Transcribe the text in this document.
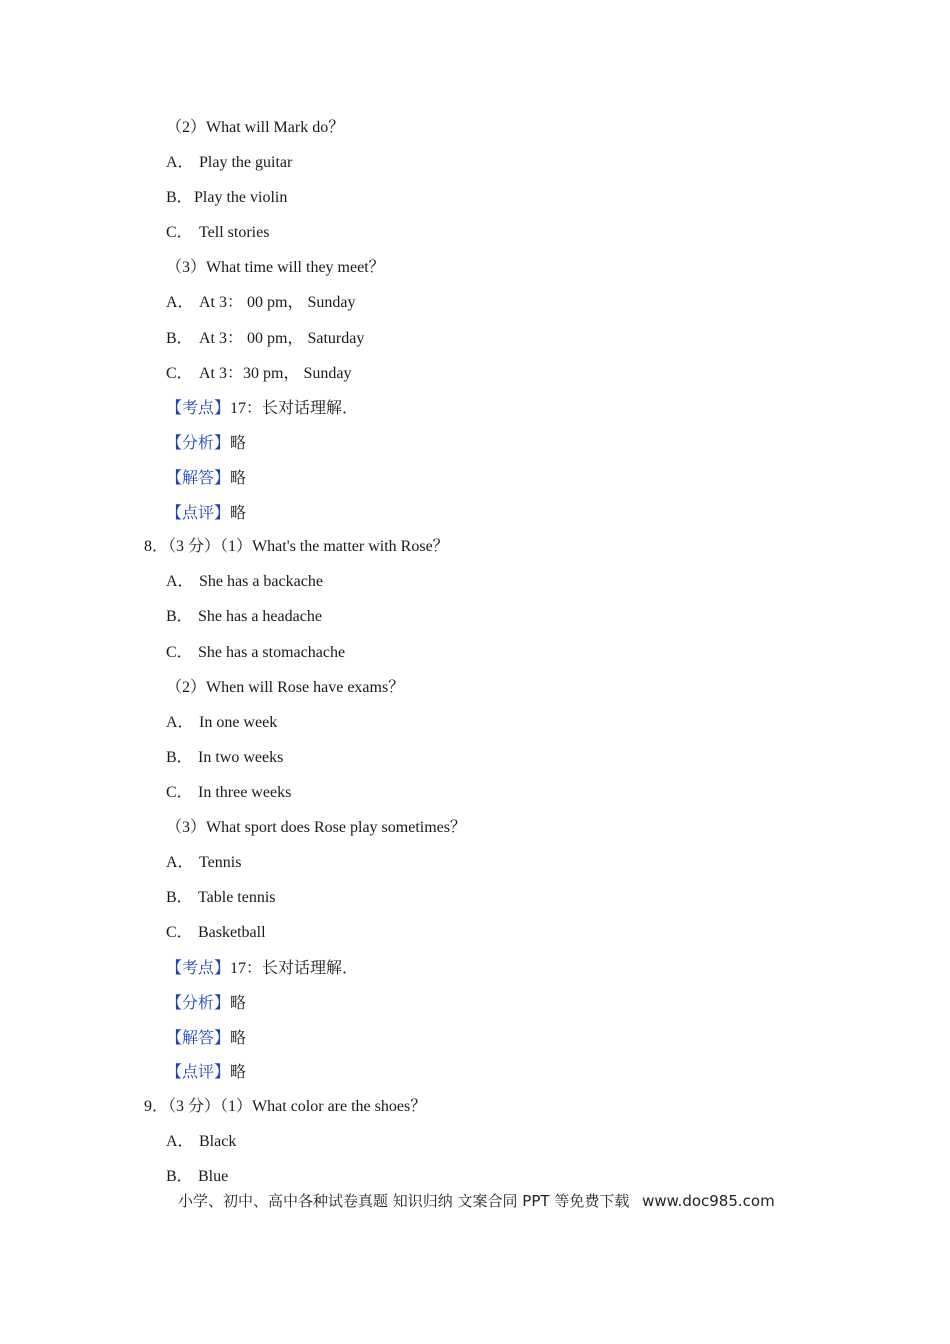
（2）What will Mark do？
A． Play the guitar
B．Play the violin
C． Tell stories
（3）What time will they meet？
A． At 3： 00 pm， Sunday
B． At 3： 00 pm， Saturday
C． At 3：30 pm， Sunday
【考点】17：长对话理解．
【分析】略
【解答】略
【点评】略
8．（3 分）（1）What's the matter with Rose？
A． She has a backache
B． She has a headache
C． She has a stomachache
（2）When will Rose have exams？
A． In one week
B． In two weeks
C． In three weeks
（3）What sport does Rose play sometimes？
A． Tennis
B． Table tennis
C． Basketball
【考点】17：长对话理解．
【分析】略
【解答】略
【点评】略
9．（3 分）（1）What color are the shoes？
A． Black
B． Blue
小学、初中、高中各种试卷真题 知识归纳 文案合同 PPT 等免费下载 www.doc985.com
